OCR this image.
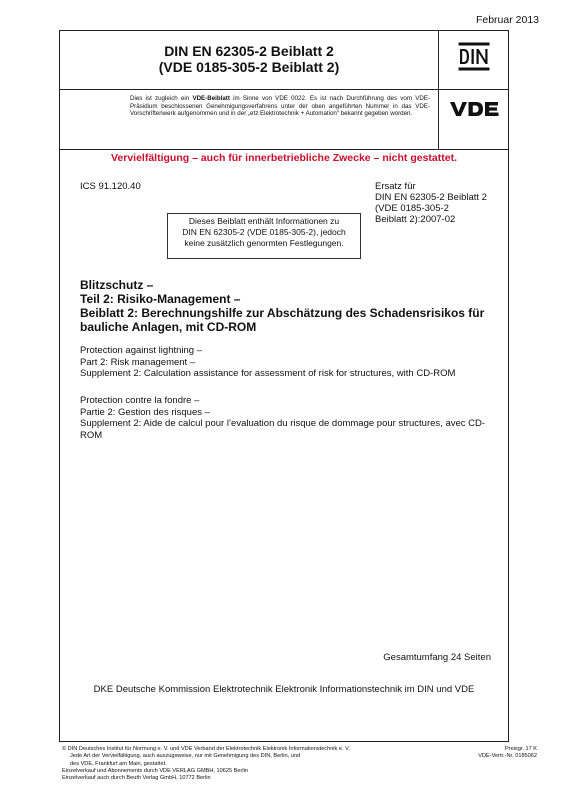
Februar 2013
DIN EN 62305-2 Beiblatt 2
(VDE 0185-305-2 Beiblatt 2)
Dies ist zugleich ein VDE-Beiblatt im Sinne von VDE 0022. Es ist nach Durchführung des vom VDE-Präsidium beschlossenen Genehmigungsverfahrens unter der oben angeführten Nummer in das VDE-Vorschriftenwerk aufgenommen und in der „etz Elektrotechnik + Automation“ bekannt gegeben worden.
Vervielfältigung – auch für innerbetriebliche Zwecke – nicht gestattet.
ICS 91.120.40	Ersatz für
DIN EN 62305-2 Beiblatt 2
(VDE 0185-305-2
Beiblatt 2):2007-02
Dieses Beiblatt enthält Informationen zu
DIN EN 62305-2 (VDE 0185-305-2), jedoch
keine zusätzlich genormten Festlegungen.
Blitzschutz –
Teil 2: Risiko-Management –
Beiblatt 2: Berechnungshilfe zur Abschätzung des Schadensrisikos für bauliche Anlagen, mit CD-ROM
Protection against lightning –
Part 2: Risk management –
Supplement 2: Calculation assistance for assessment of risk for structures, with CD-ROM
Protection contre la fondre –
Partie 2: Gestion des risques –
Supplement 2: Aide de calcul pour l’evaluation du risque de dommage pour structures, avec CD-ROM
Gesamtumfang 24 Seiten
DKE Deutsche Kommission Elektrotechnik Elektronik Informationstechnik im DIN und VDE
© DIN Deutsches Institut für Normung e. V. und VDE Verband der Elektrotechnik Elektronik Informationstechnik e. V.
Jede Art der Vervielfältigung, auch auszugsweise, nur mit Genehmigung des DIN, Berlin, und
des VDE, Frankfurt am Main, gestattet.
Einzelverkauf und Abonnements durch VDE VERLAG GMBH, 10625 Berlin
Einzelverkauf auch durch Beuth Verlag GmbH, 10772 Berlin
Preisgr. 17 K
VDE-Vertr.-Nr. 0185062
